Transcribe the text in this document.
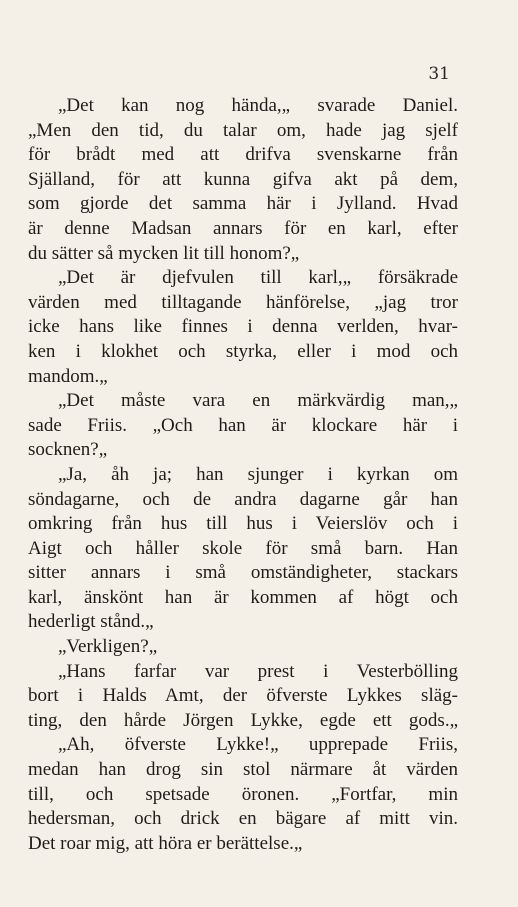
31
„Det kan nog hända,„ svarade Daniel.
„Men den tid, du talar om, hade jag sjelf
för brådt med att drifva svenskarne från
Själland, för att kunna gifva akt på dem,
som gjorde det samma här i Jylland. Hvad
är denne Madsan annars för en karl, efter
du sätter så mycken lit till honom?„
„Det är djefvulen till karl,„ försäkrade
värden med tilltagande hänförelse, „jag tror
icke hans like finnes i denna verlden, hvar-
ken i klokhet och styrka, eller i mod och
mandom.„
„Det måste vara en märkvärdig man,„
sade Friis. „Och han är klockare här i
socknen?„
„Ja, åh ja; han sjunger i kyrkan om
söndagarne, och de andra dagarne går han
omkring från hus till hus i Veierslöv och i
Aigt och håller skole för små barn. Han
sitter annars i små omständigheter, stackars
karl, änskönt han är kommen af högt och
hederligt stånd.„
„Verkligen?„
„Hans farfar var prest i Vesterbölling
bort i Halds Amt, der öfverste Lykkes släg-
ting, den hårde Jörgen Lykke, egde ett gods.„
„Ah, öfverste Lykke!„ upprepade Friis,
medan han drog sin stol närmare åt värden
till, och spetsade öronen. „Fortfar, min
hedersman, och drick en bägare af mitt vin.
Det roar mig, att höra er berättelse.„
